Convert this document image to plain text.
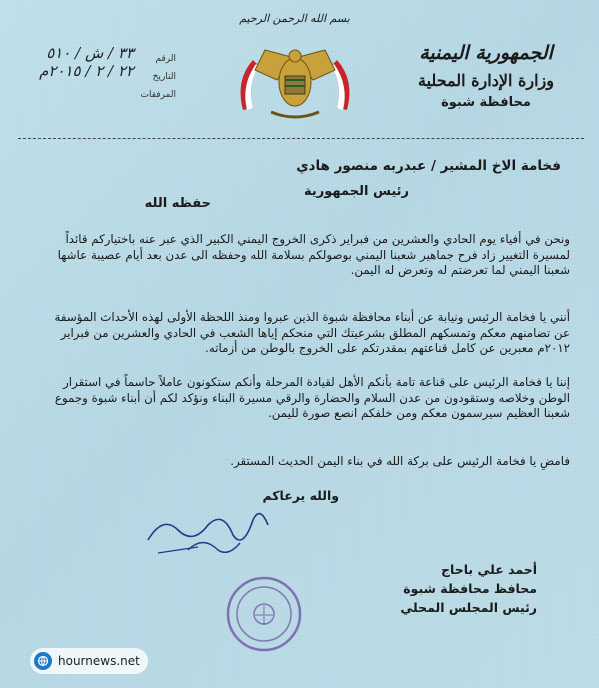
بسم الله الرحمن الرحيم
الجمهورية اليمنية
وزارة الإدارة المحلية
محافظة شبوة
الرقم
٣٣ / ش / ٥١٠
التاريخ
٢٢ / ٢ / ٢٠١٥م
المرفقات
فخامة الاخ المشير / عبدربه منصور هادي
رئيس الجمهورية
حفظه الله
ونحن في أفياء يوم الحادي والعشرين من فبراير ذكرى الخروج اليمني الكبير الذي عبر عنه باختياركم قائداً لمسيرة التغيير زاد فرح جماهير شعبنا اليمني بوصولكم بسلامة الله وحفظه الى عدن بعد أيام عصيبة عاشها شعبنا اليمني لما تعرضتم له وتعرض له اليمن.
أنني يا فخامة الرئيس ونيابة عن أبناء محافظة شبوة الذين عبروا ومنذ اللحظة الأولى لهذه الأحداث المؤسفة عن تضامنهم معكم وتمسكهم المطلق بشرعيتك التي منحكم إياها الشعب في الحادي والعشرين من فبراير ٢٠١٢م معبرين عن كامل قناعتهم بمقدرتكم على الخروج بالوطن من أزماته.
إننا يا فخامة الرئيس على قناعة تامة بأنكم الأهل لقيادة المرحلة وأنكم ستكونون عاملاً حاسماً في استقرار الوطن وخلاصه وستقودون من عدن السلام والحضارة والرقي مسيرة البناء ونؤكد لكم أن أبناء شبوة وجموع شعبنا العظيم سيرسمون معكم ومن خلفكم انصع صورة لليمن.
فامضِ يا فخامة الرئيس على بركة الله في بناء اليمن الحديث المستقر.
والله يرعاكم
أحمد علي باحاج
محافظ محافظة شبوة
رئيس المجلس المحلي
hournews.net
